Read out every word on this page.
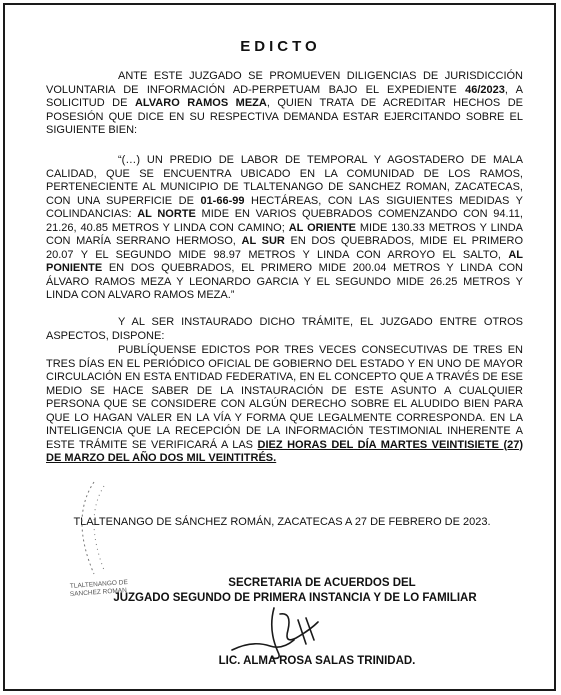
EDICTO

ANTE ESTE JUZGADO SE PROMUEVEN DILIGENCIAS DE JURISDICCIÓN VOLUNTARIA DE INFORMACIÓN AD-PERPETUAM BAJO EL EXPEDIENTE 46/2023, A SOLICITUD DE ALVARO RAMOS MEZA, QUIEN TRATA DE ACREDITAR HECHOS DE POSESIÓN QUE DICE EN SU RESPECTIVA DEMANDA ESTAR EJERCITANDO SOBRE EL SIGUIENTE BIEN:

“(…) UN PREDIO DE LABOR DE TEMPORAL Y AGOSTADERO DE MALA CALIDAD, QUE SE ENCUENTRA UBICADO EN LA COMUNIDAD DE LOS RAMOS, PERTENECIENTE AL MUNICIPIO DE TLALTENANGO DE SANCHEZ ROMAN, ZACATECAS, CON UNA SUPERFICIE DE 01-66-99 HECTÁREAS, CON LAS SIGUIENTES MEDIDAS Y COLINDANCIAS: AL NORTE MIDE EN VARIOS QUEBRADOS COMENZANDO CON 94.11, 21.26, 40.85 METROS Y LINDA CON CAMINO; AL ORIENTE MIDE 130.33 METROS Y LINDA CON MARÍA SERRANO HERMOSO, AL SUR EN DOS QUEBRADOS, MIDE EL PRIMERO 20.07 Y EL SEGUNDO MIDE 98.97 METROS Y LINDA CON ARROYO EL SALTO, AL PONIENTE EN DOS QUEBRADOS, EL PRIMERO MIDE 200.04 METROS Y LINDA CON ÁLVARO RAMOS MEZA Y LEONARDO GARCIA Y EL SEGUNDO MIDE 26.25 METROS Y LINDA CON ALVARO RAMOS MEZA.”

Y AL SER INSTAURADO DICHO TRÁMITE, EL JUZGADO ENTRE OTROS ASPECTOS, DISPONE:

PUBLÍQUENSE EDICTOS POR TRES VECES CONSECUTIVAS DE TRES EN TRES DÍAS EN EL PERIÓDICO OFICIAL DE GOBIERNO DEL ESTADO Y EN UNO DE MAYOR CIRCULACIÓN EN ESTA ENTIDAD FEDERATIVA, EN EL CONCEPTO QUE A TRAVÉS DE ESE MEDIO SE HACE SABER DE LA INSTAURACIÓN DE ESTE ASUNTO A CUALQUIER PERSONA QUE SE CONSIDERE CON ALGÚN DERECHO SOBRE EL ALUDIDO BIEN PARA QUE LO HAGAN VALER EN LA VÍA Y FORMA QUE LEGALMENTE CORRESPONDA. EN LA INTELIGENCIA QUE LA RECEPCIÓN DE LA INFORMACIÓN TESTIMONIAL INHERENTE A ESTE TRÁMITE SE VERIFICARÁ A LAS DIEZ HORAS DEL DÍA MARTES VEINTISIETE (27) DE MARZO DEL AÑO DOS MIL VEINTITRÉS.

TLALTENANGO DE SÁNCHEZ ROMÁN, ZACATECAS A 27 DE FEBRERO DE 2023.

TLALTENANGO DE
SANCHEZ ROMAN
SECRETARIA DE ACUERDOS DEL
JUZGADO SEGUNDO DE PRIMERA INSTANCIA Y DE LO FAMILIAR
LIC. ALMA ROSA SALAS TRINIDAD.
